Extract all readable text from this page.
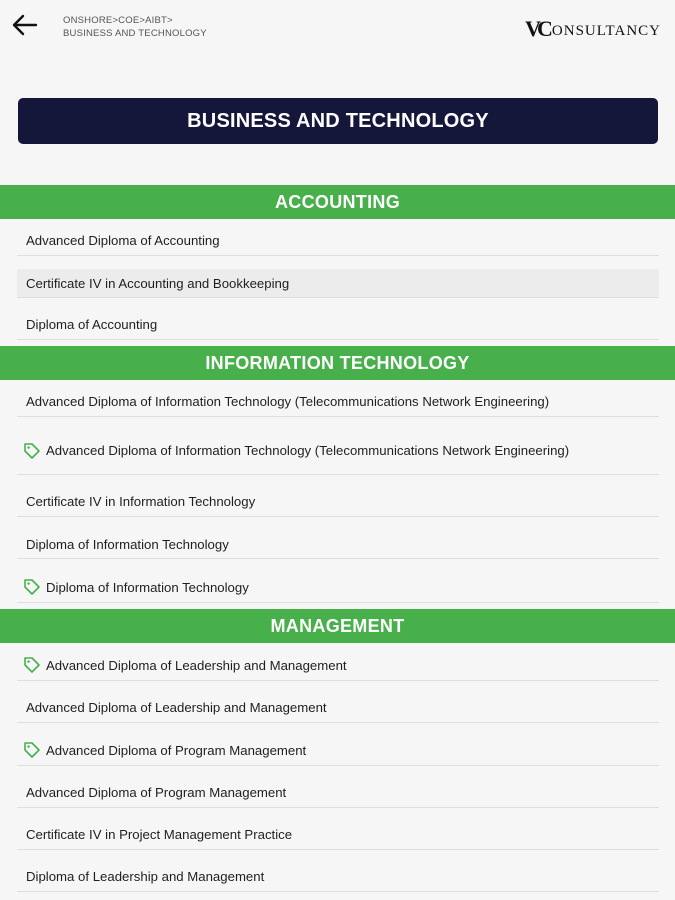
ONSHORE>COE>AIBT>
BUSINESS AND TECHNOLOGY	VC ONSULTANCY
BUSINESS AND TECHNOLOGY
ACCOUNTING
Advanced Diploma of Accounting
Certificate IV in Accounting and Bookkeeping
Diploma of Accounting
INFORMATION TECHNOLOGY
Advanced Diploma of Information Technology (Telecommunications Network Engineering)
Advanced Diploma of Information Technology (Telecommunications Network Engineering)
Certificate IV in Information Technology
Diploma of Information Technology
Diploma of Information Technology
MANAGEMENT
Advanced Diploma of Leadership and Management
Advanced Diploma of Leadership and Management
Advanced Diploma of Program Management
Advanced Diploma of Program Management
Certificate IV in Project Management Practice
Diploma of Leadership and Management
